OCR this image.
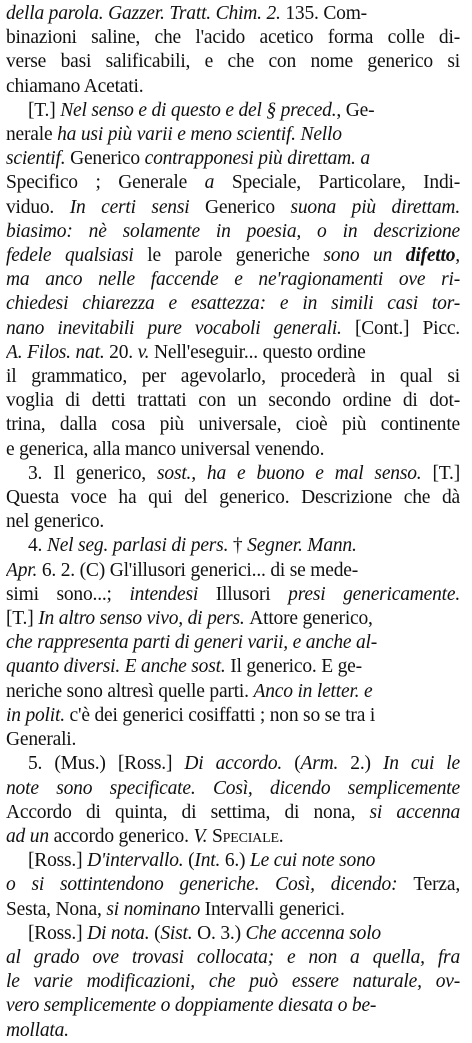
della parola. Gazzer. Tratt. Chim. 2. 135. Com-
binazioni saline, che l'acido acetico forma colle di-
verse basi salificabili, e che con nome generico si
chiamano Acetati.
[T.] Nel senso e di questo e del § preced., Ge-
nerale ha usi più varii e meno scientif. Nello
scientif. Generico contrapponesi più direttam. a
Specifico ; Generale a Speciale, Particolare, Indi-
viduo. In certi sensi Generico suona più direttam.
biasimo: nè solamente in poesia, o in descrizione
fedele qualsiasi le parole generiche sono un difetto,
ma anco nelle faccende e ne'ragionamenti ove ri-
chiedesi chiarezza e esattezza: e in simili casi tor-
nano inevitabili pure vocaboli generali. [Cont.] Picc.
A. Filos. nat. 20. v. Nell'eseguir... questo ordine
il grammatico, per agevolarlo, procederà in qual si
voglia di detti trattati con un secondo ordine di dot-
trina, dalla cosa più universale, cioè più continente
e generica, alla manco universal venendo.
3. Il generico, sost., ha e buono e mal senso. [T.]
Questa voce ha qui del generico. Descrizione che dà
nel generico.
4. Nel seg. parlasi di pers. † Segner. Mann.
Apr. 6. 2. (C) Gl'illusori generici... di se mede-
simi sono...; intendesi Illusori presi genericamente.
[T.] In altro senso vivo, di pers. Attore generico,
che rappresenta parti di generi varii, e anche al-
quanto diversi. E anche sost. Il generico. E ge-
neriche sono altresì quelle parti. Anco in letter. e
in polit. c'è dei generici cosiffatti ; non so se tra i
Generali.
5. (Mus.) [Ross.] Di accordo. (Arm. 2.) In cui le
note sono specificate. Così, dicendo semplicemente
Accordo di quinta, di settima, di nona, si accenna
ad un accordo generico. V. Speciale.
[Ross.] D'intervallo. (Int. 6.) Le cui note sono
o si sottintendono generiche. Così, dicendo: Terza,
Sesta, Nona, si nominano Intervalli generici.
[Ross.] Di nota. (Sist. O. 3.) Che accenna solo
al grado ove trovasi collocata; e non a quella, fra
le varie modificazioni, che può essere naturale, ov-
vero semplicemente o doppiamente diesata o be-
mollata.
